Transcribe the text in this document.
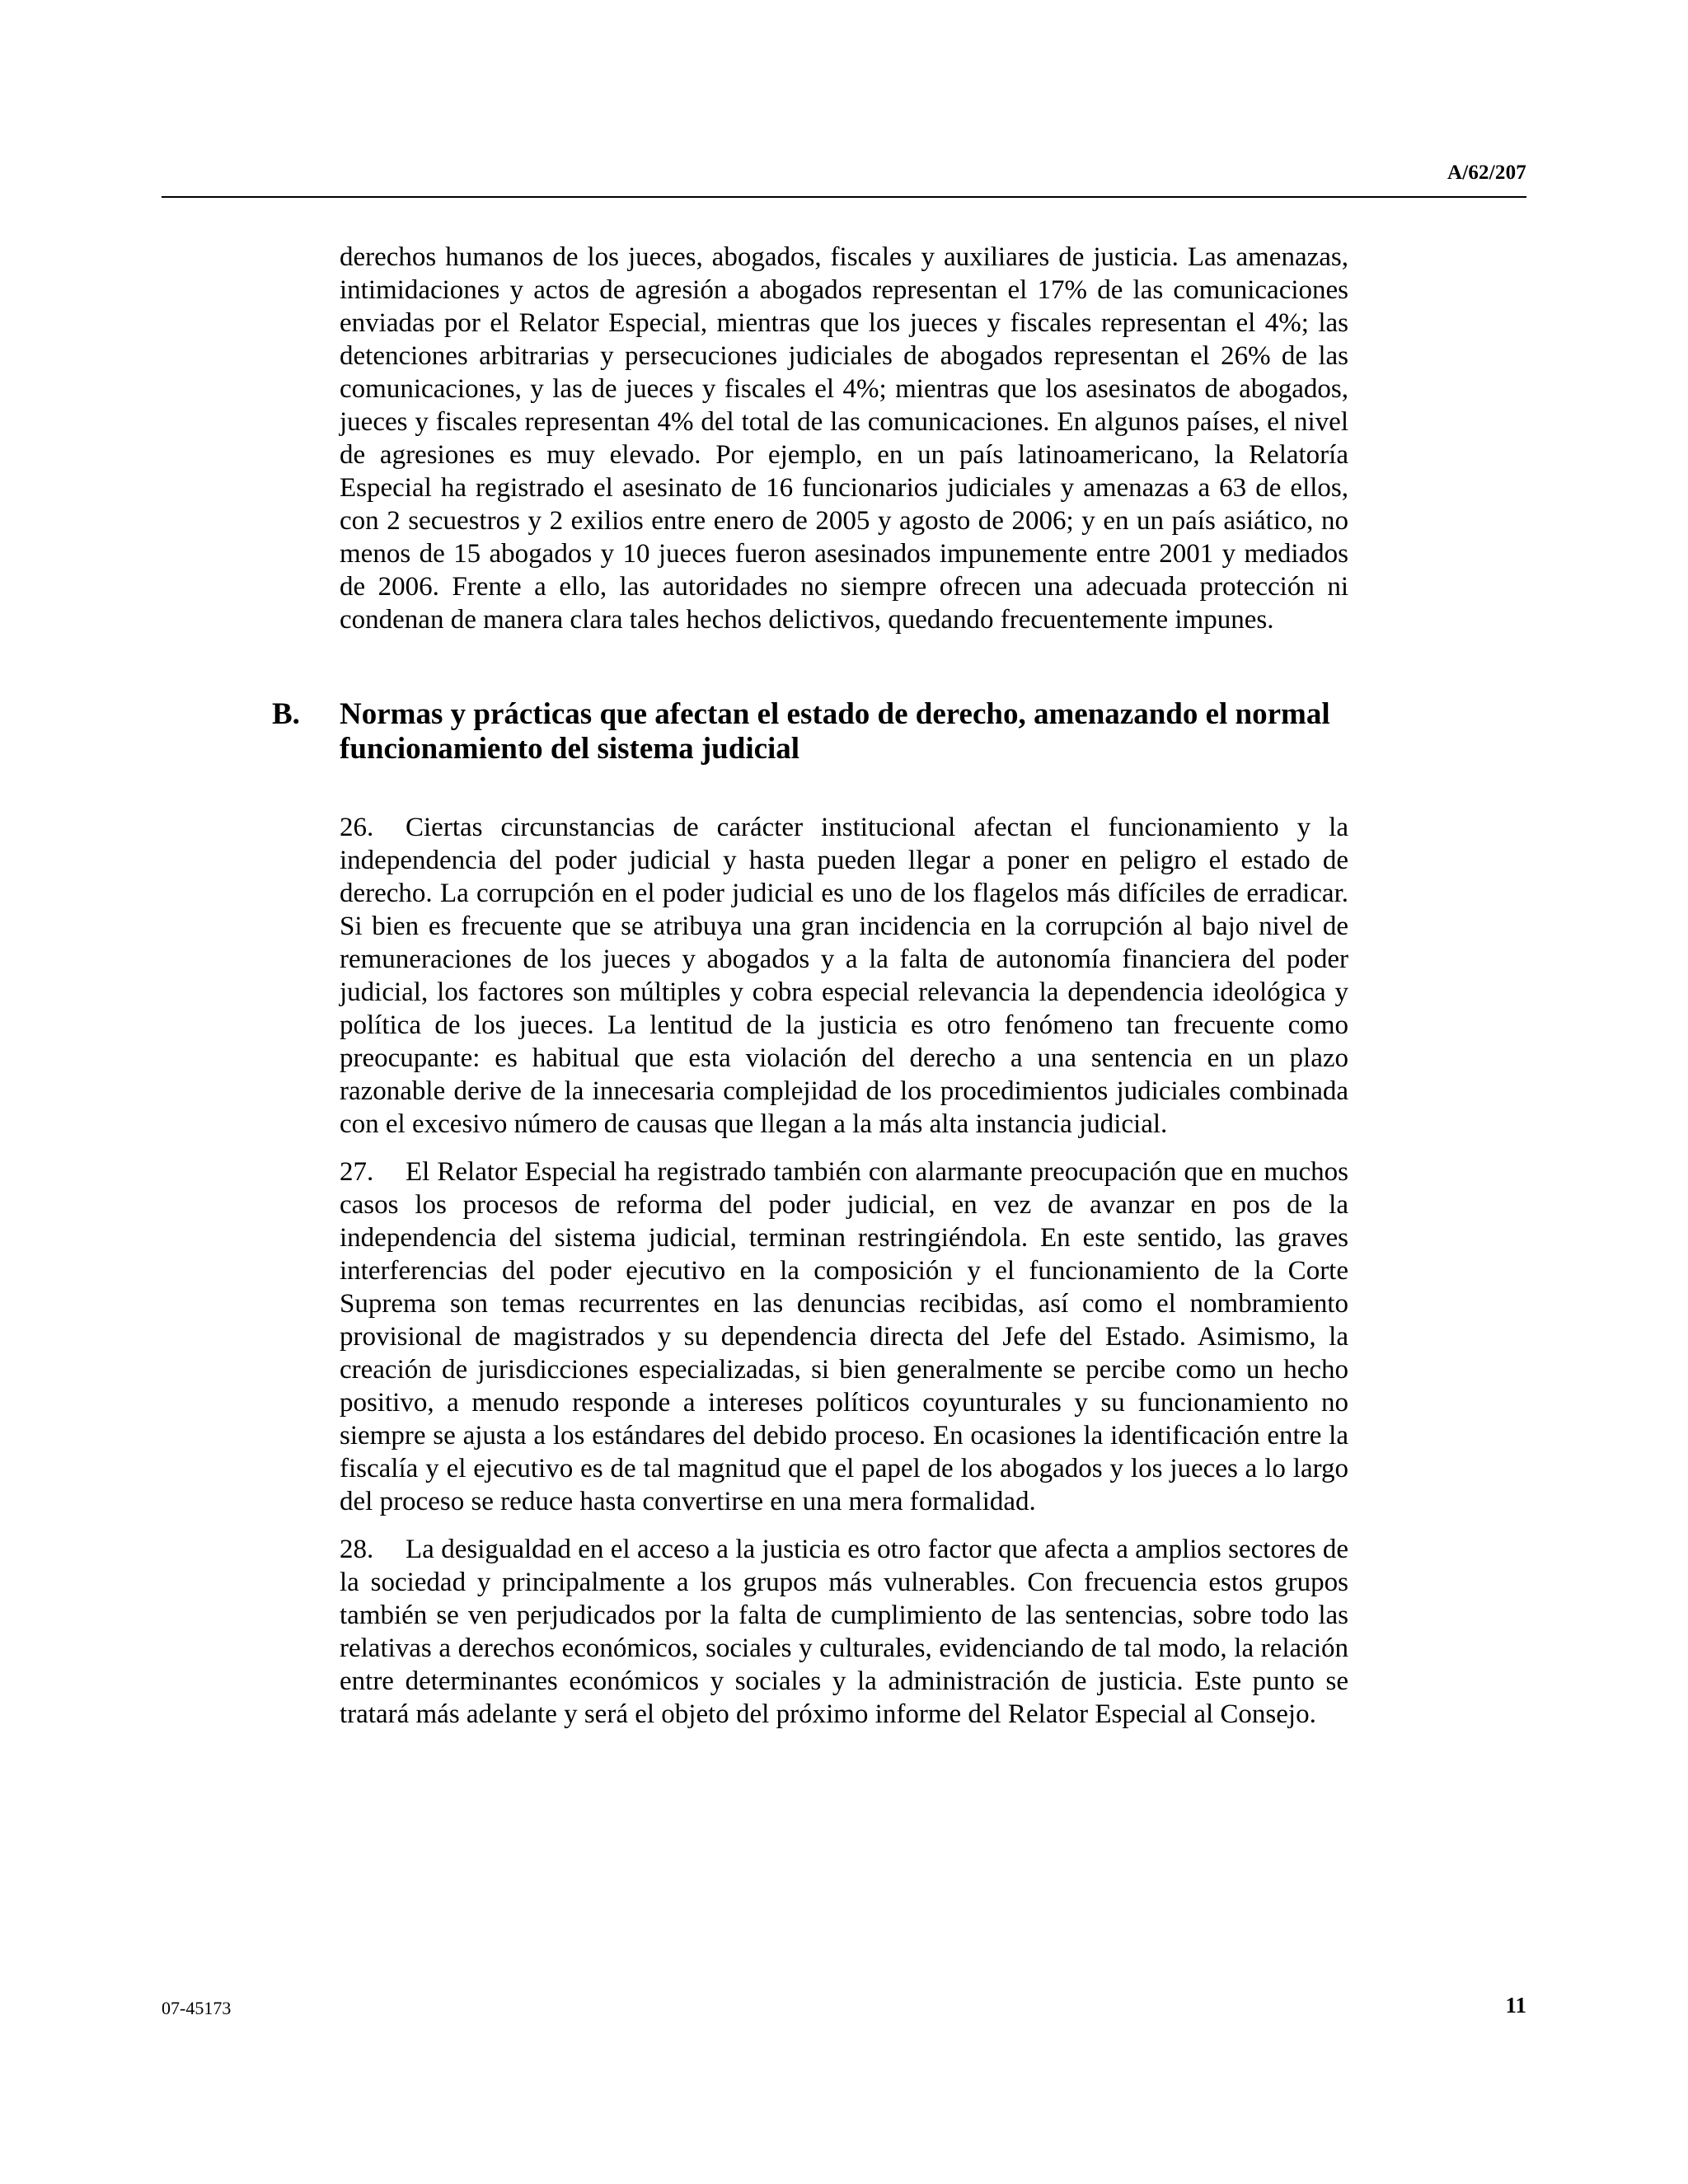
A/62/207

derechos humanos de los jueces, abogados, fiscales y auxiliares de justicia. Las amenazas, intimidaciones y actos de agresión a abogados representan el 17% de las comunicaciones enviadas por el Relator Especial, mientras que los jueces y fiscales representan el 4%; las detenciones arbitrarias y persecuciones judiciales de abogados representan el 26% de las comunicaciones, y las de jueces y fiscales el 4%; mientras que los asesinatos de abogados, jueces y fiscales representan 4% del total de las comunicaciones. En algunos países, el nivel de agresiones es muy elevado. Por ejemplo, en un país latinoamericano, la Relatoría Especial ha registrado el asesinato de 16 funcionarios judiciales y amenazas a 63 de ellos, con 2 secuestros y 2 exilios entre enero de 2005 y agosto de 2006; y en un país asiático, no menos de 15 abogados y 10 jueces fueron asesinados impunemente entre 2001 y mediados de 2006. Frente a ello, las autoridades no siempre ofrecen una adecuada protección ni condenan de manera clara tales hechos delictivos, quedando frecuentemente impunes.

B. Normas y prácticas que afectan el estado de derecho, amenazando el normal funcionamiento del sistema judicial

26. Ciertas circunstancias de carácter institucional afectan el funcionamiento y la independencia del poder judicial y hasta pueden llegar a poner en peligro el estado de derecho. La corrupción en el poder judicial es uno de los flagelos más difíciles de erradicar. Si bien es frecuente que se atribuya una gran incidencia en la corrupción al bajo nivel de remuneraciones de los jueces y abogados y a la falta de autonomía financiera del poder judicial, los factores son múltiples y cobra especial relevancia la dependencia ideológica y política de los jueces. La lentitud de la justicia es otro fenómeno tan frecuente como preocupante: es habitual que esta violación del derecho a una sentencia en un plazo razonable derive de la innecesaria complejidad de los procedimientos judiciales combinada con el excesivo número de causas que llegan a la más alta instancia judicial.

27. El Relator Especial ha registrado también con alarmante preocupación que en muchos casos los procesos de reforma del poder judicial, en vez de avanzar en pos de la independencia del sistema judicial, terminan restringiéndola. En este sentido, las graves interferencias del poder ejecutivo en la composición y el funcionamiento de la Corte Suprema son temas recurrentes en las denuncias recibidas, así como el nombramiento provisional de magistrados y su dependencia directa del Jefe del Estado. Asimismo, la creación de jurisdicciones especializadas, si bien generalmente se percibe como un hecho positivo, a menudo responde a intereses políticos coyunturales y su funcionamiento no siempre se ajusta a los estándares del debido proceso. En ocasiones la identificación entre la fiscalía y el ejecutivo es de tal magnitud que el papel de los abogados y los jueces a lo largo del proceso se reduce hasta convertirse en una mera formalidad.

28. La desigualdad en el acceso a la justicia es otro factor que afecta a amplios sectores de la sociedad y principalmente a los grupos más vulnerables. Con frecuencia estos grupos también se ven perjudicados por la falta de cumplimiento de las sentencias, sobre todo las relativas a derechos económicos, sociales y culturales, evidenciando de tal modo, la relación entre determinantes económicos y sociales y la administración de justicia. Este punto se tratará más adelante y será el objeto del próximo informe del Relator Especial al Consejo.

07-45173	11
